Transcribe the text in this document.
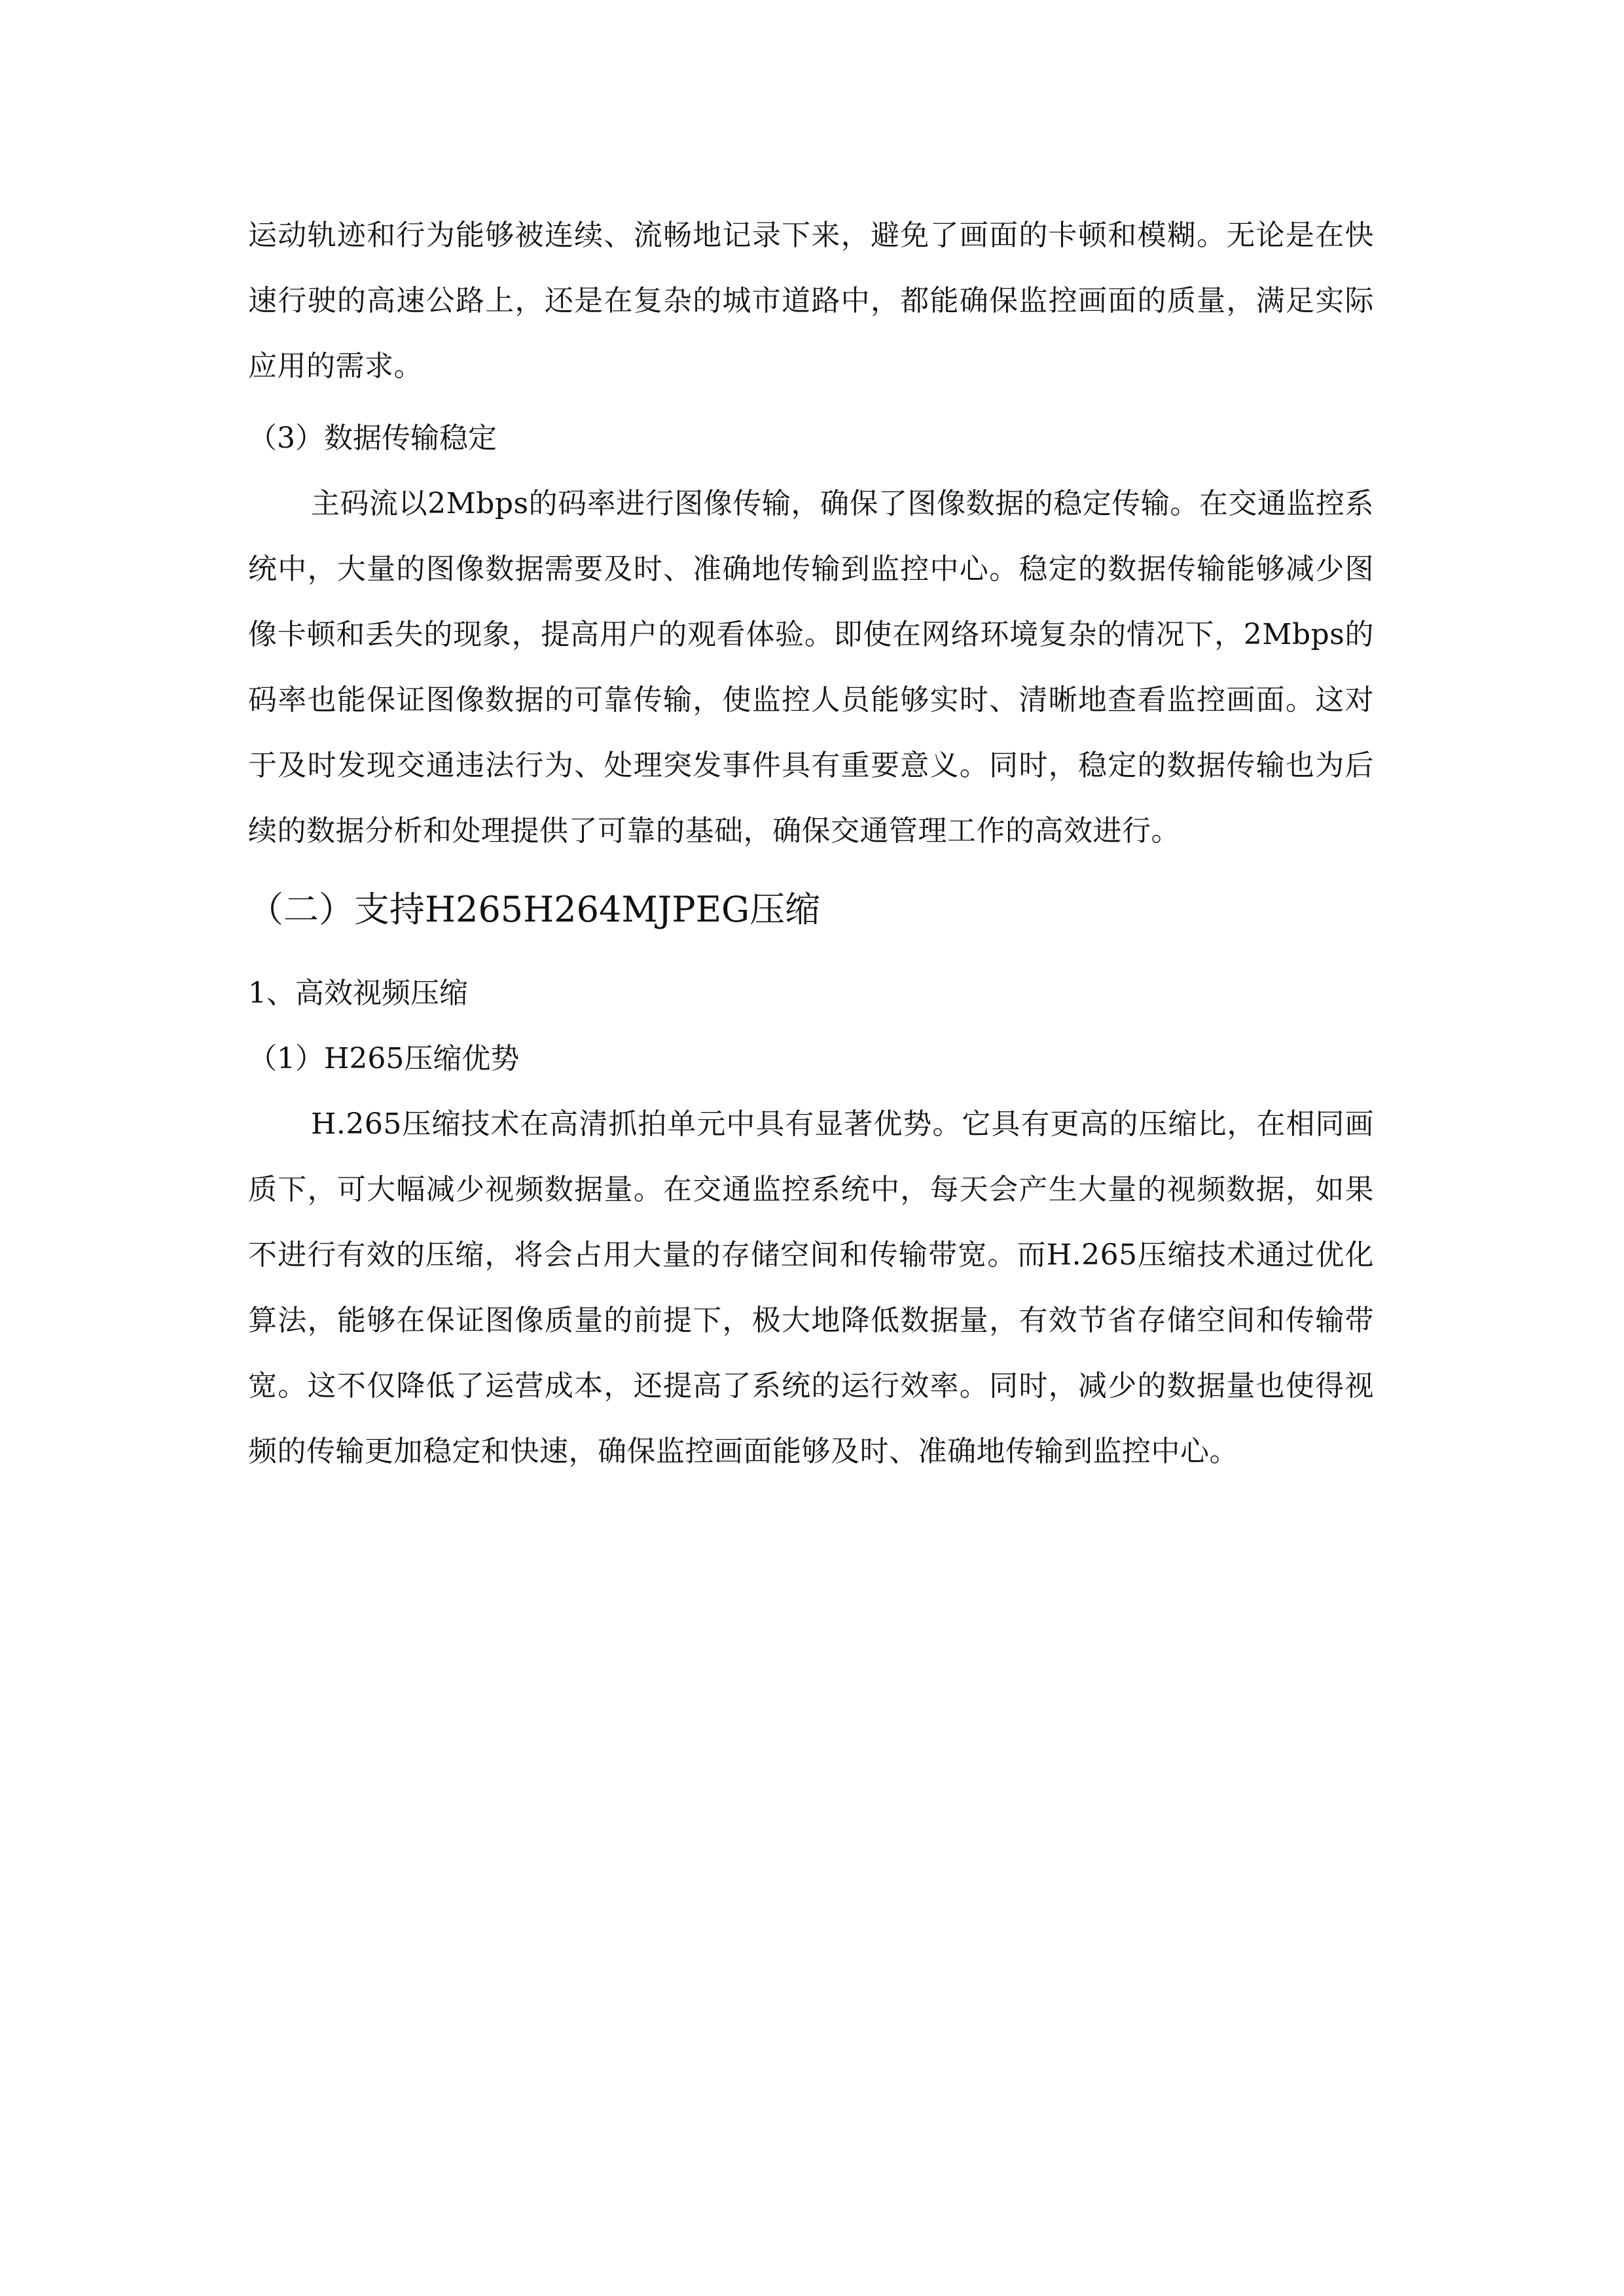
运动轨迹和行为能够被连续、流畅地记录下来，避免了画面的卡顿和模糊。无论是在快速行驶的高速公路上，还是在复杂的城市道路中，都能确保监控画面的质量，满足实际应用的需求。

（3）数据传输稳定

主码流以2Mbps的码率进行图像传输，确保了图像数据的稳定传输。在交通监控系统中，大量的图像数据需要及时、准确地传输到监控中心。稳定的数据传输能够减少图像卡顿和丢失的现象，提高用户的观看体验。即使在网络环境复杂的情况下，2Mbps的码率也能保证图像数据的可靠传输，使监控人员能够实时、清晰地查看监控画面。这对于及时发现交通违法行为、处理突发事件具有重要意义。同时，稳定的数据传输也为后续的数据分析和处理提供了可靠的基础，确保交通管理工作的高效进行。

（二）支持H265H264MJPEG压缩

1、高效视频压缩

（1）H265压缩优势

H.265压缩技术在高清抓拍单元中具有显著优势。它具有更高的压缩比，在相同画质下，可大幅减少视频数据量。在交通监控系统中，每天会产生大量的视频数据，如果不进行有效的压缩，将会占用大量的存储空间和传输带宽。而H.265压缩技术通过优化算法，能够在保证图像质量的前提下，极大地降低数据量，有效节省存储空间和传输带宽。这不仅降低了运营成本，还提高了系统的运行效率。同时，减少的数据量也使得视频的传输更加稳定和快速，确保监控画面能够及时、准确地传输到监控中心。
